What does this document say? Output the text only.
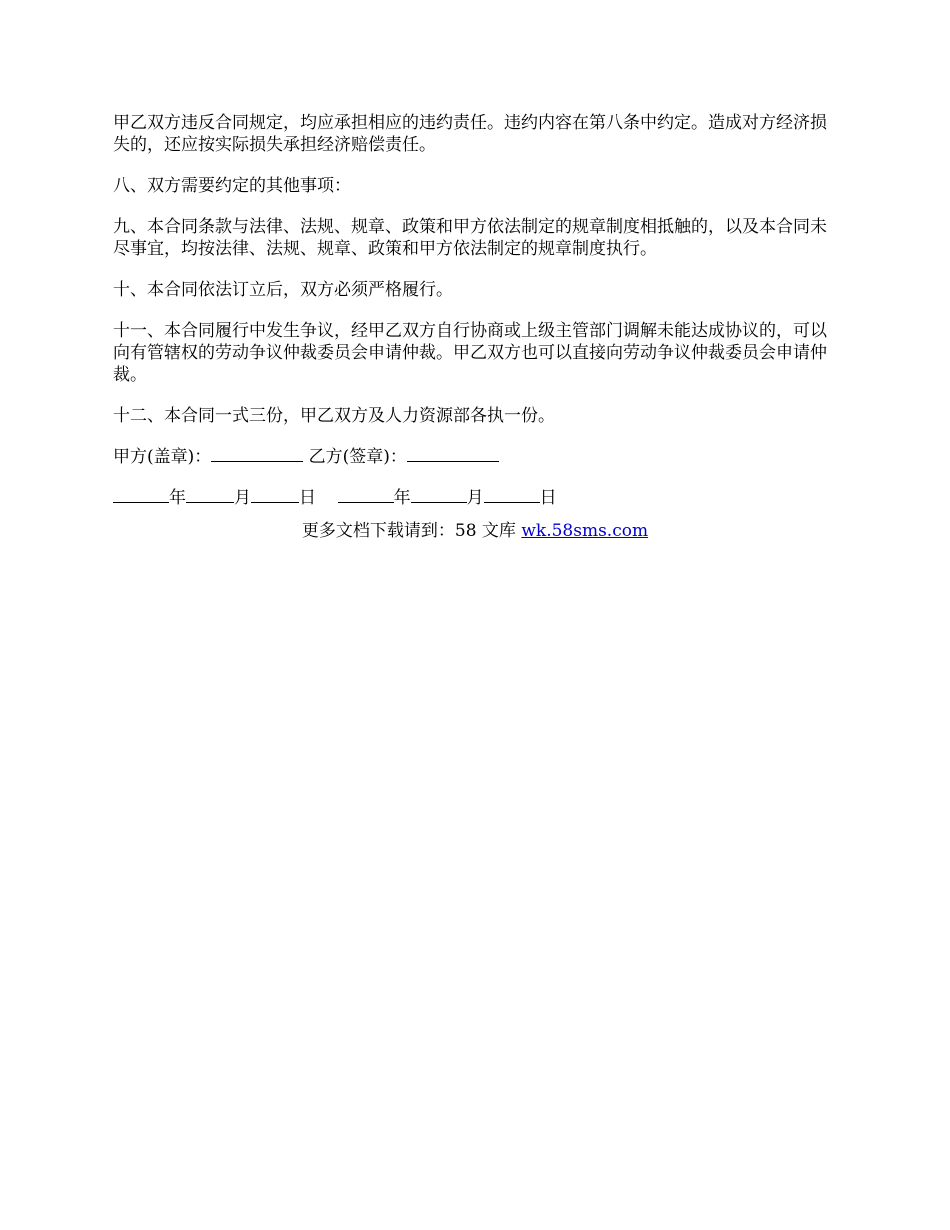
甲乙双方违反合同规定，均应承担相应的违约责任。违约内容在第八条中约定。造成对方经济损失的，还应按实际损失承担经济赔偿责任。

八、双方需要约定的其他事项：

九、本合同条款与法律、法规、规章、政策和甲方依法制定的规章制度相抵触的，以及本合同未尽事宜，均按法律、法规、规章、政策和甲方依法制定的规章制度执行。

十、本合同依法订立后，双方必须严格履行。

十一、本合同履行中发生争议，经甲乙双方自行协商或上级主管部门调解未能达成协议的，可以向有管辖权的劳动争议仲裁委员会申请仲裁。甲乙双方也可以直接向劳动争议仲裁委员会申请仲裁。

十二、本合同一式三份，甲乙双方及人力资源部各执一份。

甲方(盖章)：	乙方(签章)：
年	月	日	年	月	日
更多文档下载请到：58 文库 wk.58sms.com
